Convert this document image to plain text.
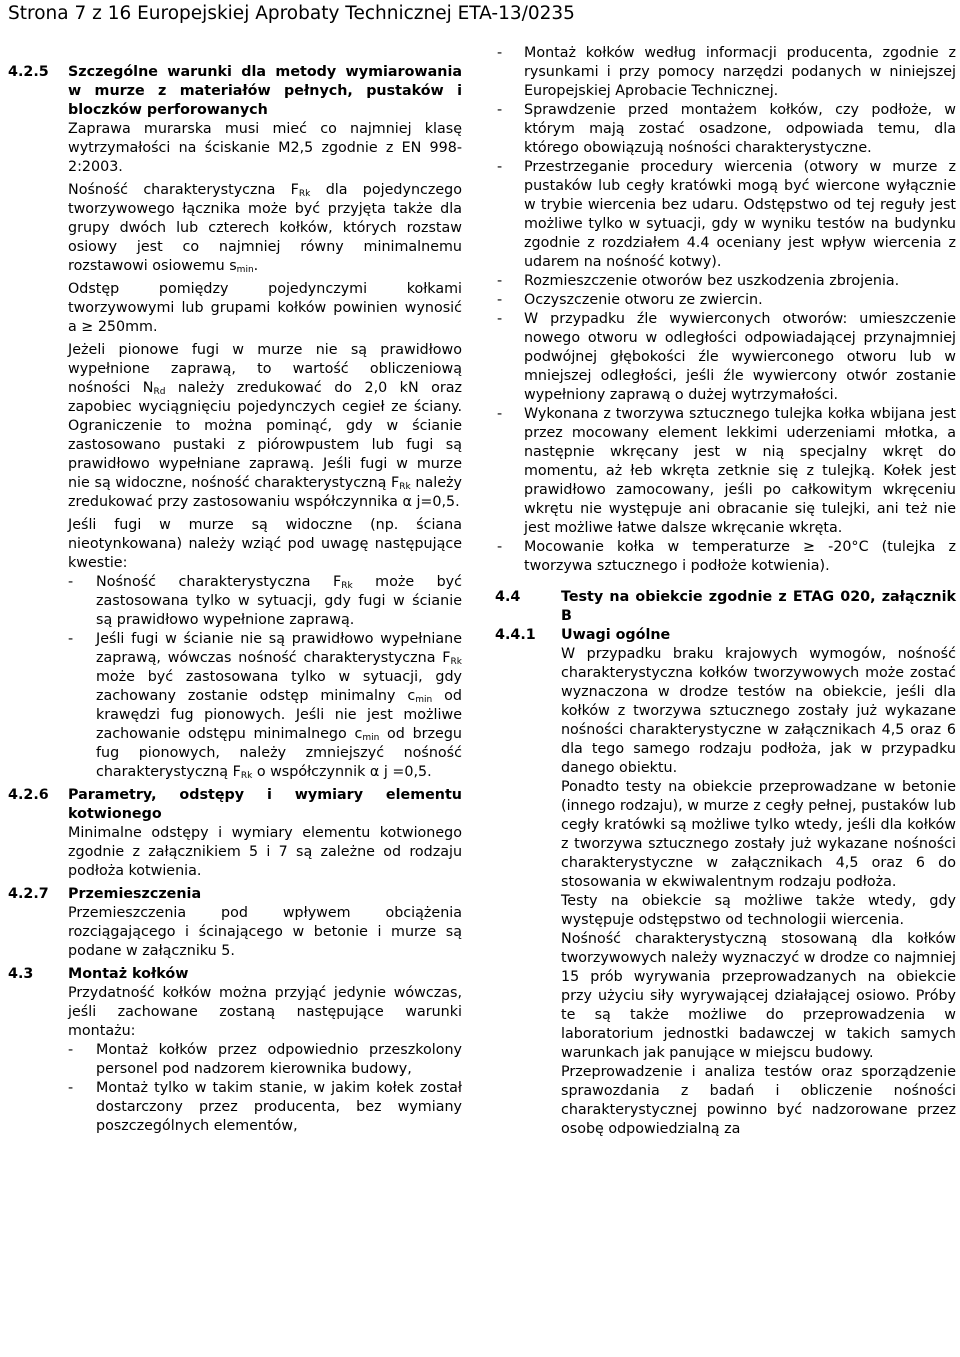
Strona 7 z 16 Europejskiej Aprobaty Technicznej ETA-13/0235
4.2.5 Szczególne warunki dla metody wymiarowania w murze z materiałów pełnych, pustaków i bloczków perforowanych

Zaprawa murarska musi mieć co najmniej klasę wytrzymałości na ściskanie M2,5 zgodnie z EN 998-2:2003.

Nośność charakterystyczna $F_{Rk}$ dla pojedynczego tworzywowego łącznika może być przyjęta także dla grupy dwóch lub czterech kołków, których rozstaw osiowy jest co najmniej równy minimalnemu rozstawowi osiowemu $s_{min}$.

Odstęp pomiędzy pojedynczymi kołkami tworzywowymi lub grupami kołków powinien wynosić a ≥ 250mm.

Jeżeli pionowe fugi w murze nie są prawidłowo wypełnione zaprawą, to wartość obliczeniową nośności $N_{Rd}$ należy zredukować do 2,0 kN oraz zapobiec wyciągnięciu pojedynczych cegieł ze ściany. Ograniczenie to można pominąć, gdy w ścianie zastosowano pustaki z piórowpustem lub fugi są prawidłowo wypełniane zaprawą. Jeśli fugi w murze nie są widoczne, nośność charakterystyczną $F_{Rk}$ należy zredukować przy zastosowaniu współczynnika α j=0,5.

Jeśli fugi w murze są widoczne (np. ściana nieotynkowana) należy wziąć pod uwagę następujące kwestie:

- Nośność charakterystyczna $F_{Rk}$ może być zastosowana tylko w sytuacji, gdy fugi w ścianie są prawidłowo wypełnione zaprawą.
- Jeśli fugi w ścianie nie są prawidłowo wypełniane zaprawą, wówczas nośność charakterystyczna $F_{Rk}$ może być zastosowana tylko w sytuacji, gdy zachowany zostanie odstęp minimalny $c_{min}$ od krawędzi fug pionowych. Jeśli nie jest możliwe zachowanie odstępu minimalnego $c_{min}$ od brzegu fug pionowych, należy zmniejszyć nośność charakterystyczną $F_{Rk}$ o współczynnik α j =0,5.
4.2.6 Parametry, odstępy i wymiary elementu kotwionego

Minimalne odstępy i wymiary elementu kotwionego zgodnie z załącznikiem 5 i 7 są zależne od rodzaju podłoża kotwienia.

4.2.7 Przemieszczenia

Przemieszczenia pod wpływem obciążenia rozciągającego i ścinającego w betonie i murze są podane w załączniku 5.

4.3 Montaż kołków

Przydatność kołków można przyjąć jedynie wówczas, jeśli zachowane zostaną następujące warunki montażu:

- Montaż kołków przez odpowiednio przeszkolony personel pod nadzorem kierownika budowy,
- Montaż tylko w takim stanie, w jakim kołek został dostarczony przez producenta, bez wymiany poszczególnych elementów,
- Montaż kołków według informacji producenta, zgodnie z rysunkami i przy pomocy narzędzi podanych w niniejszej Europejskiej Aprobacie Technicznej.
- Sprawdzenie przed montażem kołków, czy podłoże, w którym mają zostać osadzone, odpowiada temu, dla którego obowiązują nośności charakterystyczne.
- Przestrzeganie procedury wiercenia (otwory w murze z pustaków lub cegły kratówki mogą być wiercone wyłącznie w trybie wiercenia bez udaru. Odstępstwo od tej reguły jest możliwe tylko w sytuacji, gdy w wyniku testów na budynku zgodnie z rozdziałem 4.4 oceniany jest wpływ wiercenia z udarem na nośność kotwy).
- Rozmieszczenie otworów bez uszkodzenia zbrojenia.
- Oczyszczenie otworu ze zwiercin.
- W przypadku źle wywierconych otworów: umieszczenie nowego otworu w odległości odpowiadającej przynajmniej podwójnej głębokości źle wywierconego otworu lub w mniejszej odległości, jeśli źle wywiercony otwór zostanie wypełniony zaprawą o dużej wytrzymałości.
- Wykonana z tworzywa sztucznego tulejka kołka wbijana jest przez mocowany element lekkimi uderzeniami młotka, a następnie wkręcany jest w nią specjalny wkręt do momentu, aż łeb wkręta zetknie się z tulejką. Kołek jest prawidłowo zamocowany, jeśli po całkowitym wkręceniu wkrętu nie występuje ani obracanie się tulejki, ani też nie jest możliwe łatwe dalsze wkręcanie wkręta.
- Mocowanie kołka w temperaturze ≥ -20°C (tulejka z tworzywa sztucznego i podłoże kotwienia).
4.4	Testy na obiekcie zgodnie z ETAG 020, załącznik B

4.4.1 Uwagi ogólne

W przypadku braku krajowych wymogów, nośność charakterystyczna kołków tworzywowych może zostać wyznaczona w drodze testów na obiekcie, jeśli dla kołków z tworzywa sztucznego zostały już wykazane nośności charakterystyczne w załącznikach 4,5 oraz 6 dla tego samego rodzaju podłoża, jak w przypadku danego obiektu.

Ponadto testy na obiekcie przeprowadzane w betonie (innego rodzaju), w murze z cegły pełnej, pustaków lub cegły kratówki są możliwe tylko wtedy, jeśli dla kołków z tworzywa sztucznego zostały już wykazane nośności charakterystyczne w załącznikach 4,5 oraz 6 do stosowania w ekwiwalentnym rodzaju podłoża.

Testy na obiekcie są możliwe także wtedy, gdy występuje odstępstwo od technologii wiercenia.

Nośność charakterystyczną stosowaną dla kołków tworzywowych należy wyznaczyć w drodze co najmniej 15 prób wyrywania przeprowadzanych na obiekcie przy użyciu siły wyrywającej działającej osiowo. Próby te są także możliwe do przeprowadzenia w laboratorium jednostki badawczej w takich samych warunkach jak panujące w miejscu budowy.

Przeprowadzenie i analiza testów oraz sporządzenie sprawozdania z badań i obliczenie nośności charakterystycznej powinno być nadzorowane przez osobę odpowiedzialną za
